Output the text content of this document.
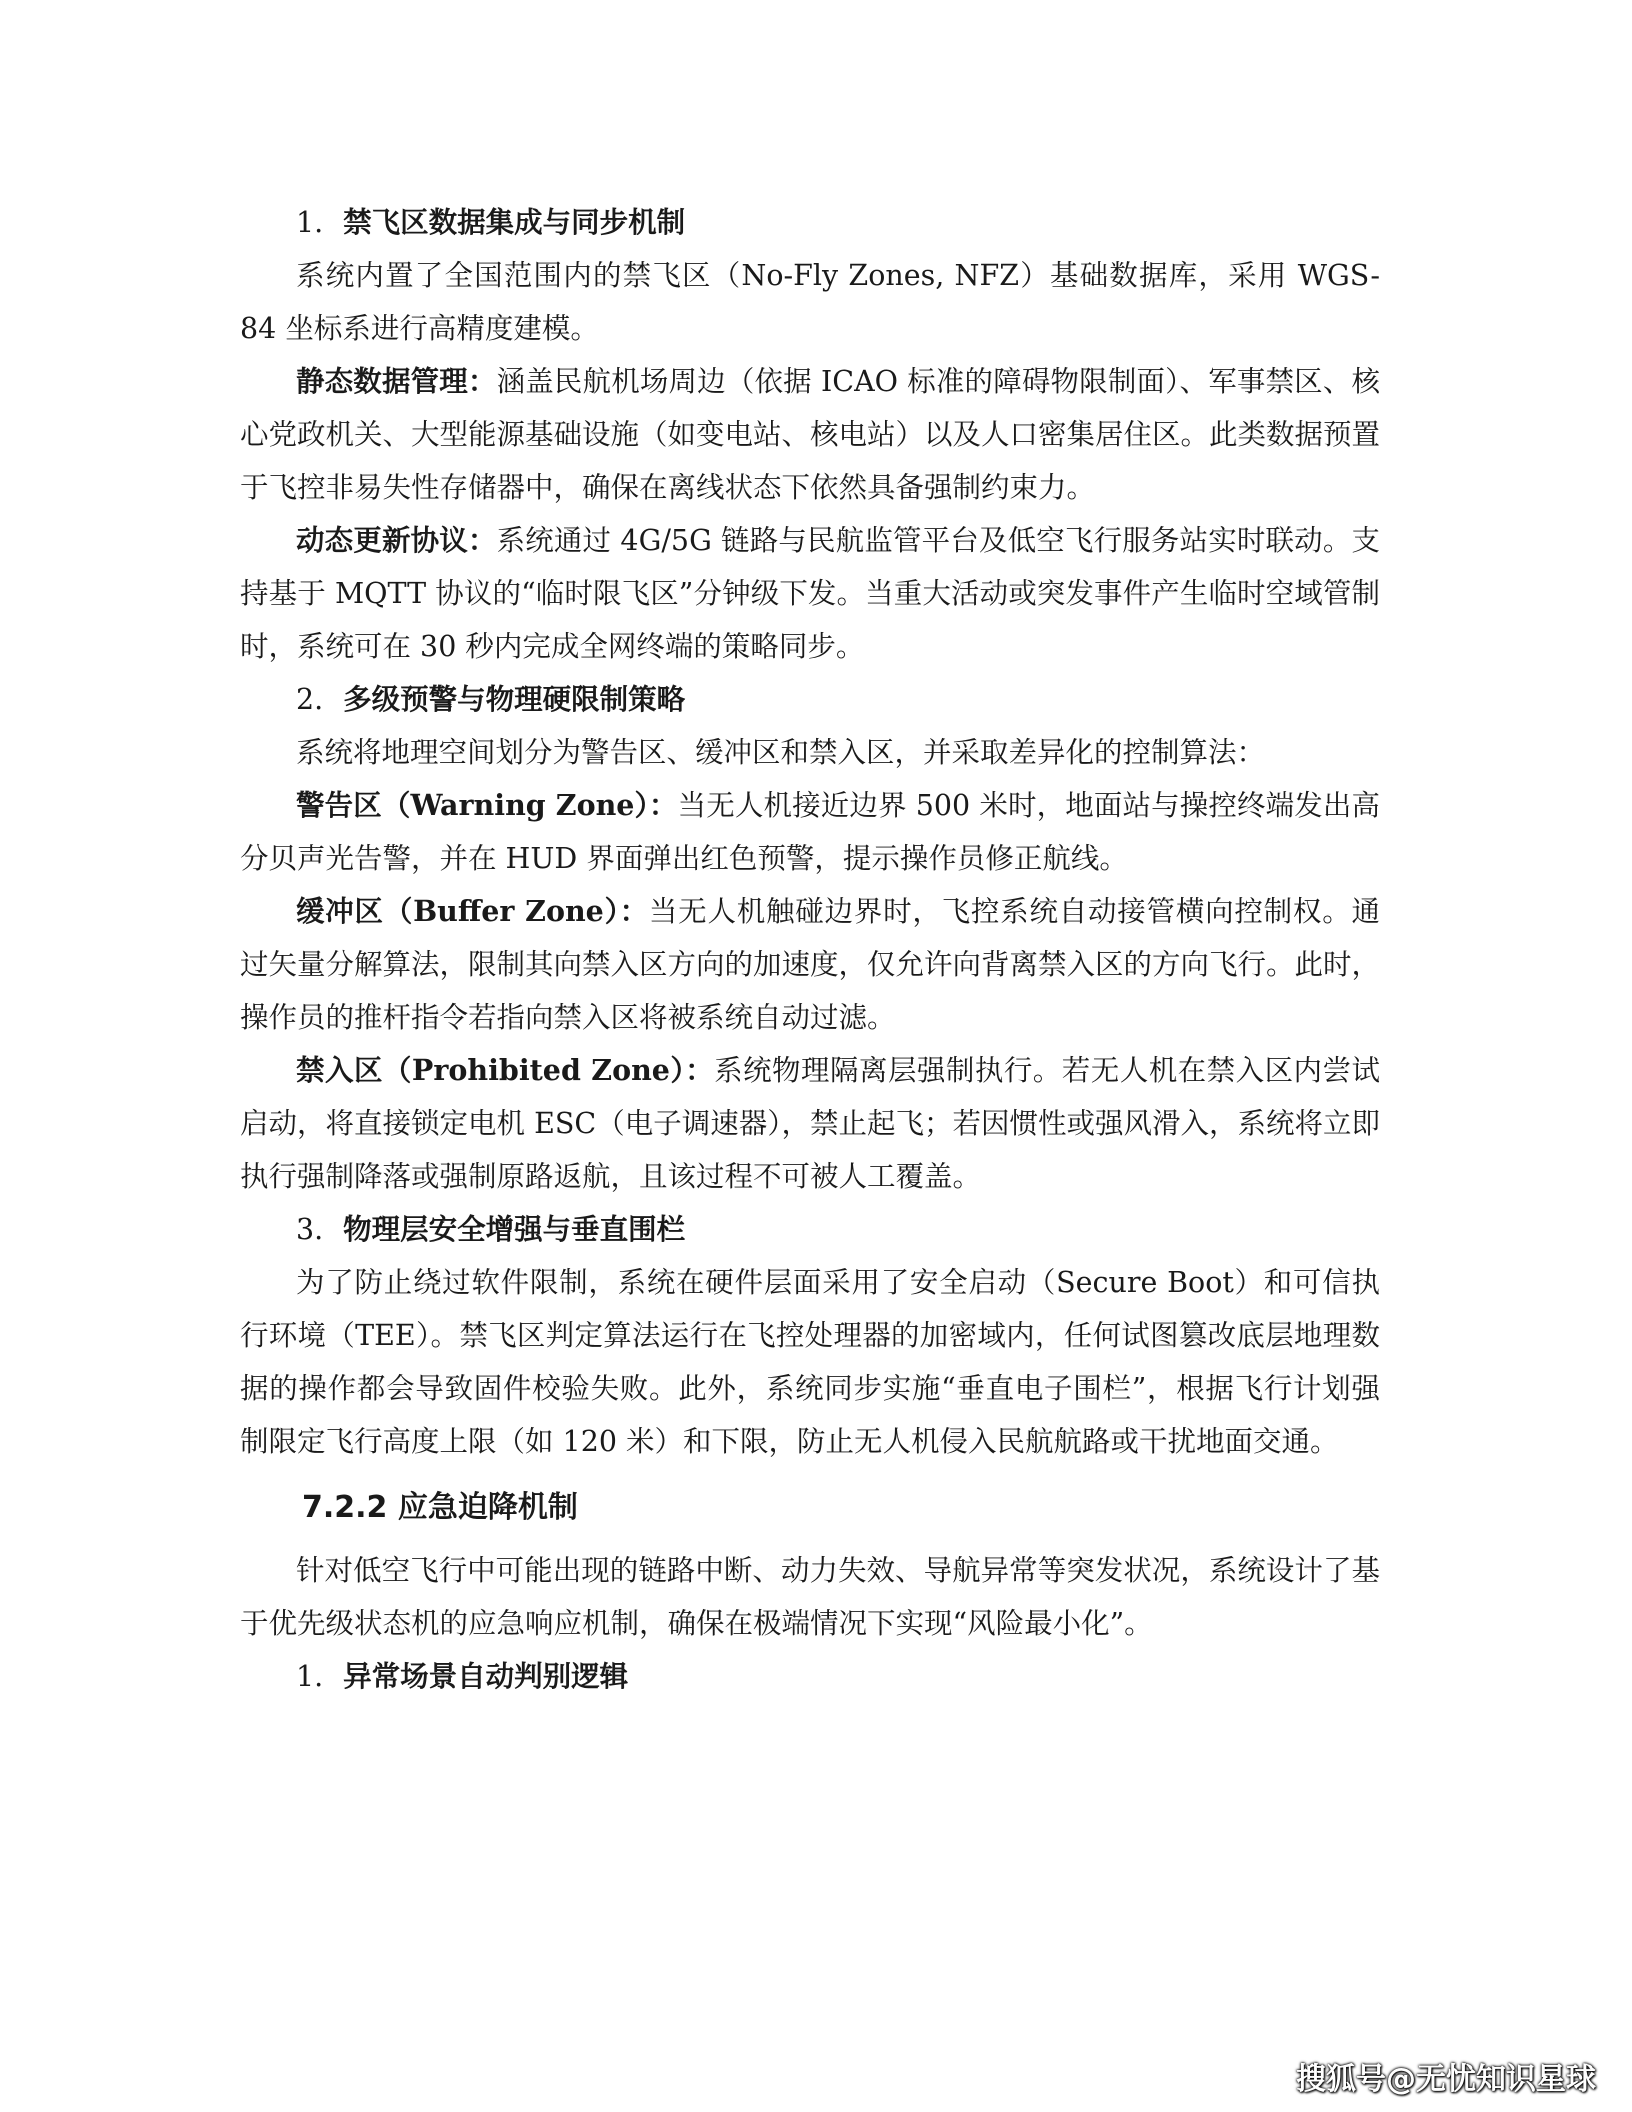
1. 禁飞区数据集成与同步机制

系统内置了全国范围内的禁飞区（No-Fly Zones, NFZ）基础数据库，采用 WGS-84 坐标系进行高精度建模。

静态数据管理：涵盖民航机场周边（依据 ICAO 标准的障碍物限制面）、军事禁区、核心党政机关、大型能源基础设施（如变电站、核电站）以及人口密集居住区。此类数据预置于飞控非易失性存储器中，确保在离线状态下依然具备强制约束力。

动态更新协议：系统通过 4G/5G 链路与民航监管平台及低空飞行服务站实时联动。支持基于 MQTT 协议的“临时限飞区”分钟级下发。当重大活动或突发事件产生临时空域管制时，系统可在 30 秒内完成全网终端的策略同步。

2. 多级预警与物理硬限制策略

系统将地理空间划分为警告区、缓冲区和禁入区，并采取差异化的控制算法：

警告区（Warning Zone）：当无人机接近边界 500 米时，地面站与操控终端发出高分贝声光告警，并在 HUD 界面弹出红色预警，提示操作员修正航线。

缓冲区（Buffer Zone）：当无人机触碰边界时，飞控系统自动接管横向控制权。通过矢量分解算法，限制其向禁入区方向的加速度，仅允许向背离禁入区的方向飞行。此时，操作员的推杆指令若指向禁入区将被系统自动过滤。

禁入区（Prohibited Zone）：系统物理隔离层强制执行。若无人机在禁入区内尝试启动，将直接锁定电机 ESC（电子调速器），禁止起飞；若因惯性或强风滑入，系统将立即执行强制降落或强制原路返航，且该过程不可被人工覆盖。

3. 物理层安全增强与垂直围栏

为了防止绕过软件限制，系统在硬件层面采用了安全启动（Secure Boot）和可信执行环境（TEE）。禁飞区判定算法运行在飞控处理器的加密域内，任何试图篡改底层地理数据的操作都会导致固件校验失败。此外，系统同步实施“垂直电子围栏”，根据飞行计划强制限定飞行高度上限（如 120 米）和下限，防止无人机侵入民航航路或干扰地面交通。

7.2.2 应急迫降机制

针对低空飞行中可能出现的链路中断、动力失效、导航异常等突发状况，系统设计了基于优先级状态机的应急响应机制，确保在极端情况下实现“风险最小化”。

1. 异常场景自动判别逻辑

搜狐号@无忧知识星球
